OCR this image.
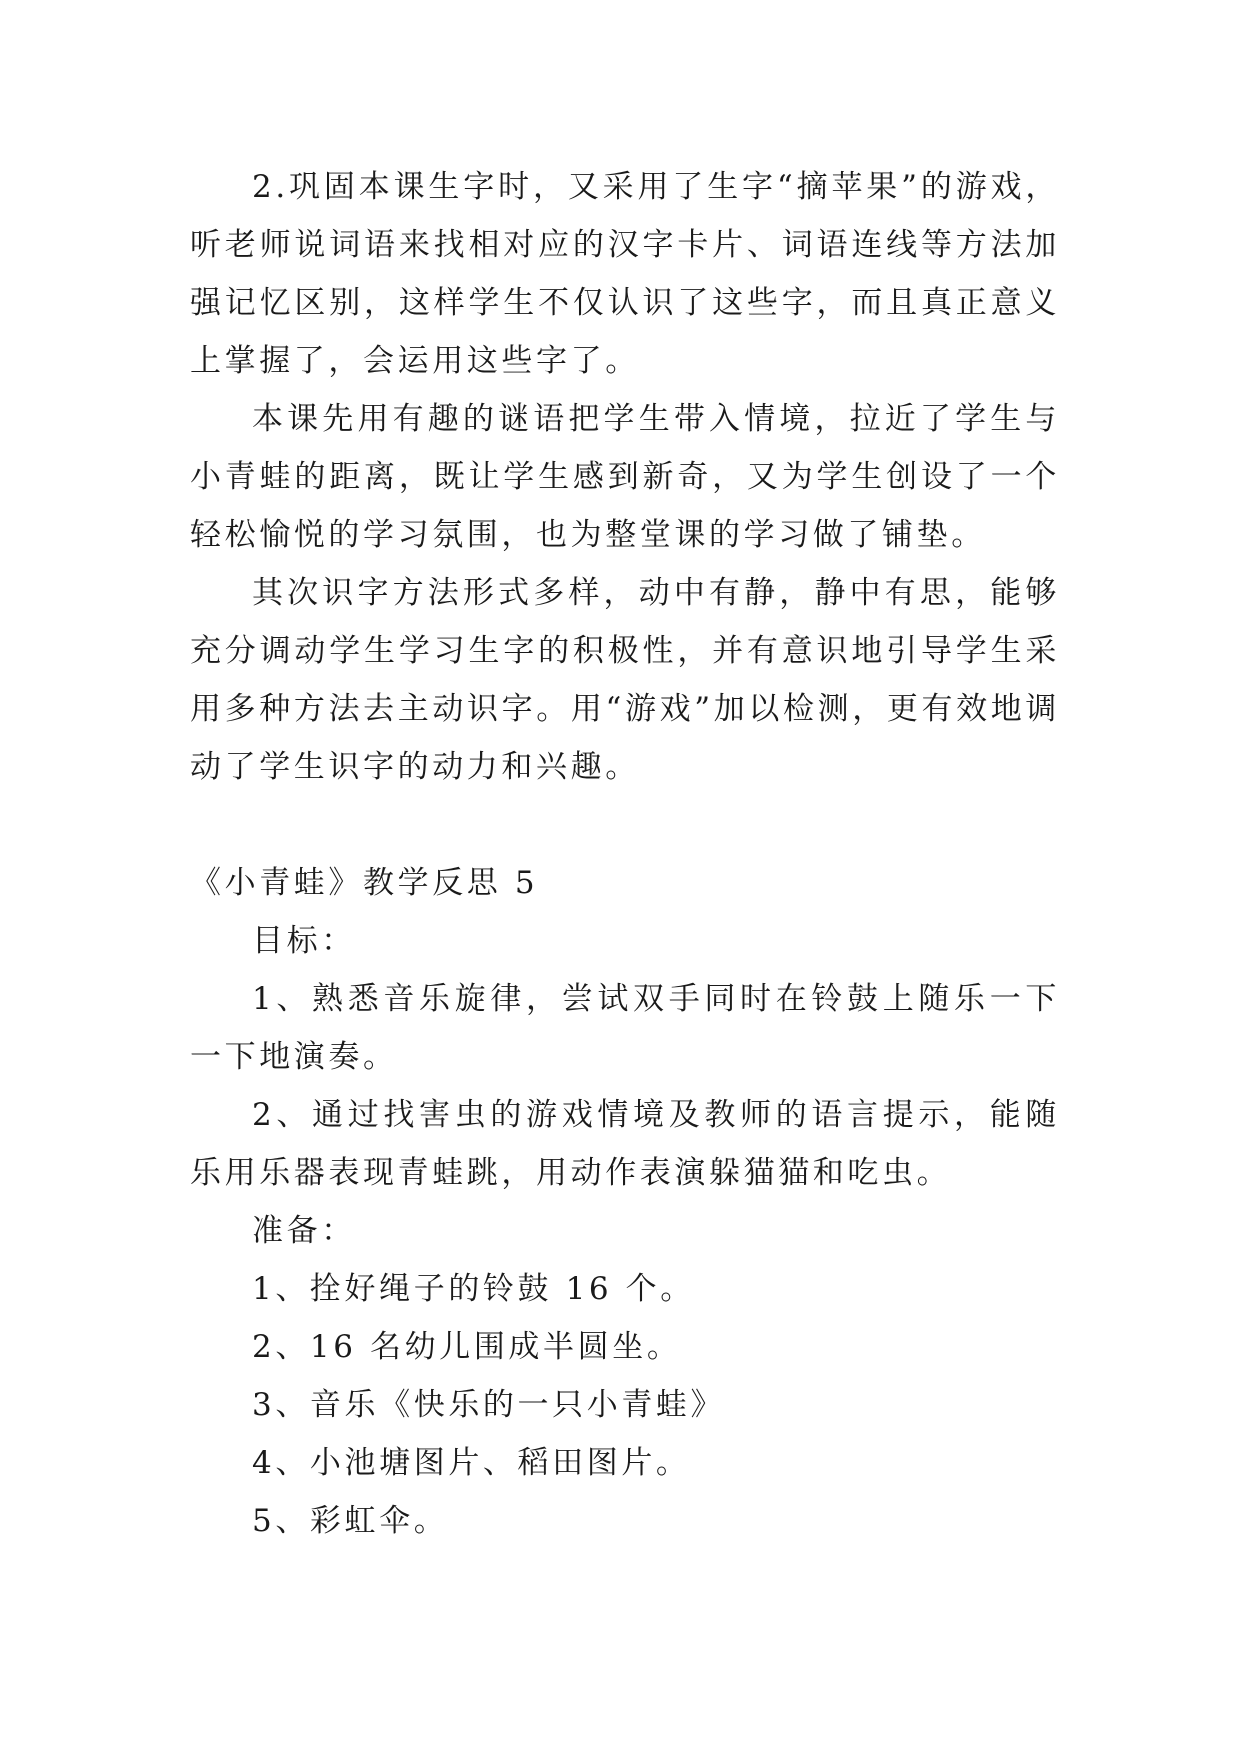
2.巩固本课生字时，又采用了生字“摘苹果”的游戏，听老师说词语来找相对应的汉字卡片、词语连线等方法加强记忆区别，这样学生不仅认识了这些字，而且真正意义上掌握了，会运用这些字了。

本课先用有趣的谜语把学生带入情境，拉近了学生与小青蛙的距离，既让学生感到新奇，又为学生创设了一个轻松愉悦的学习氛围，也为整堂课的学习做了铺垫。

其次识字方法形式多样，动中有静，静中有思，能够充分调动学生学习生字的积极性，并有意识地引导学生采用多种方法去主动识字。用“游戏”加以检测，更有效地调动了学生识字的动力和兴趣。

《小青蛙》教学反思 5

目标：

1、熟悉音乐旋律，尝试双手同时在铃鼓上随乐一下一下地演奏。

2、通过找害虫的游戏情境及教师的语言提示，能随乐用乐器表现青蛙跳，用动作表演躲猫猫和吃虫。

准备：

1、拴好绳子的铃鼓 16 个。

2、16 名幼儿围成半圆坐。

3、音乐《快乐的一只小青蛙》

4、小池塘图片、稻田图片。

5、彩虹伞。
